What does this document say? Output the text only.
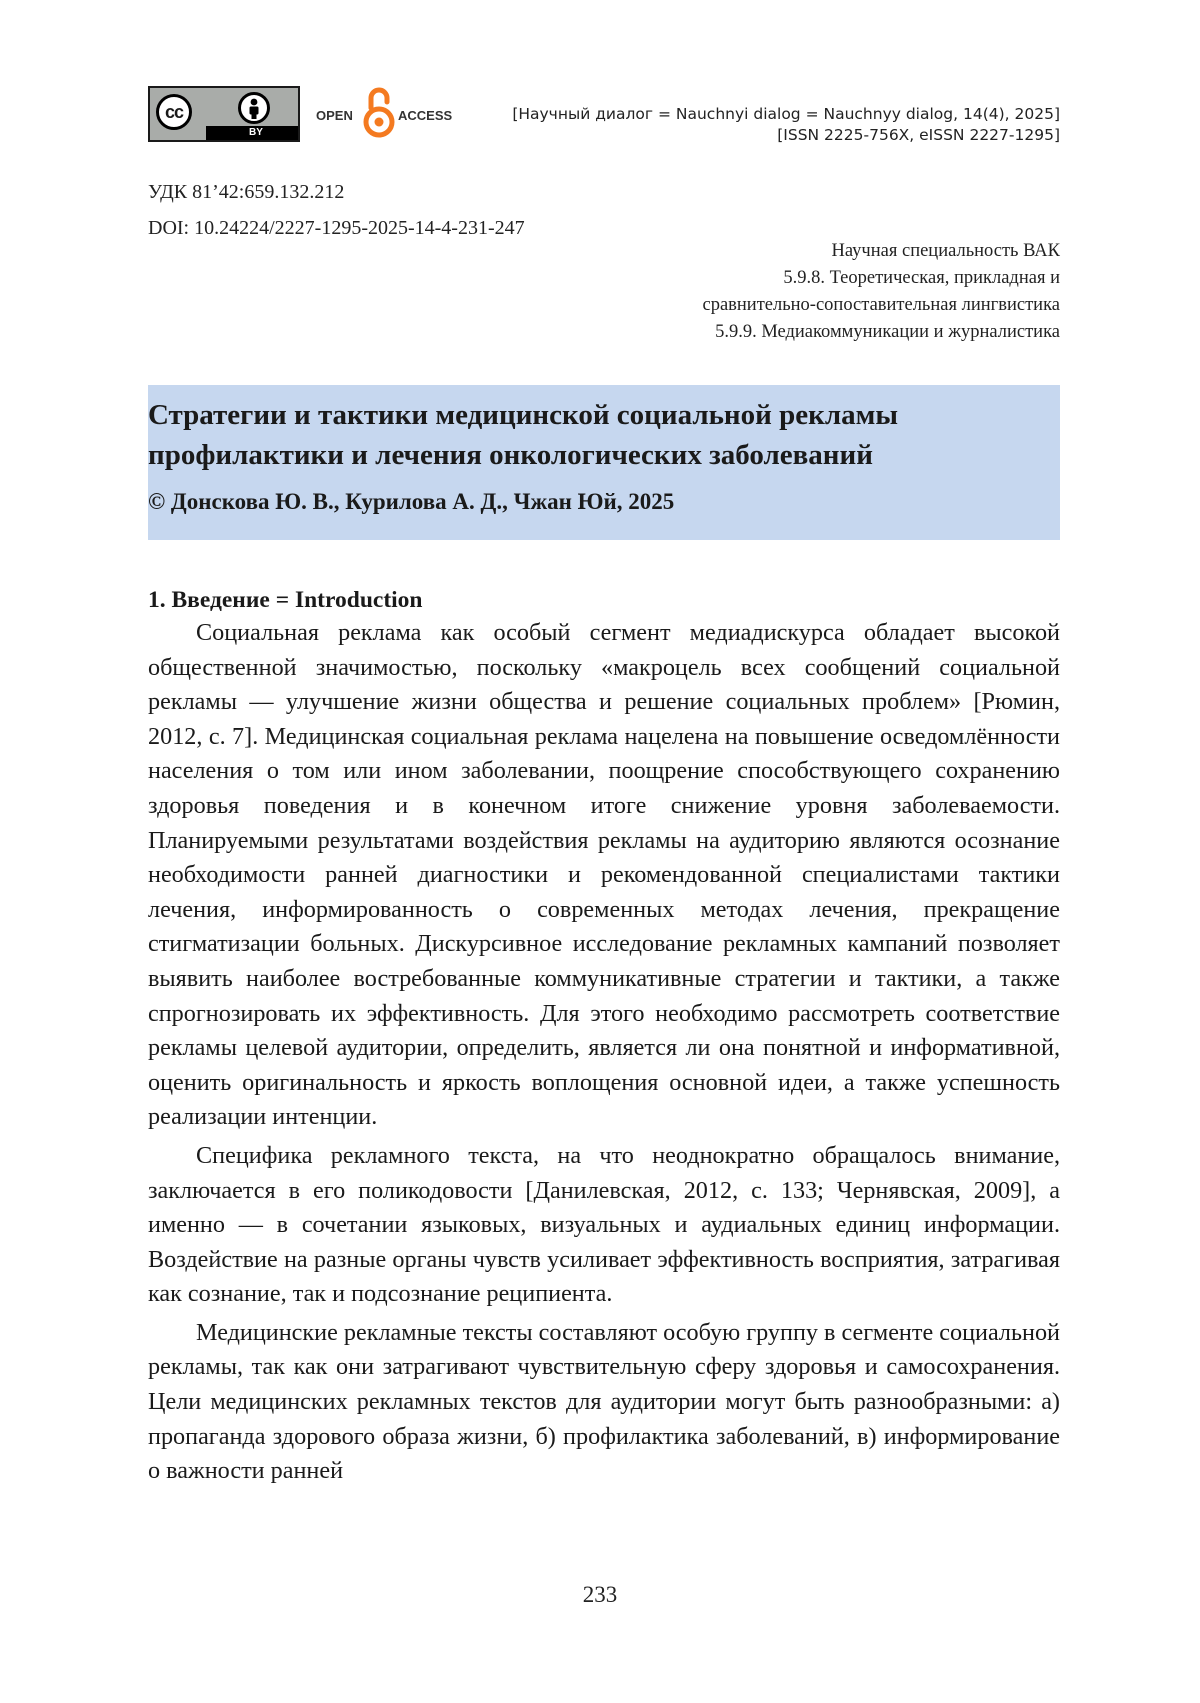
cc
BY
OPEN	ACCESS	[Научный диалог = Nauchnyi dialog = Nauchnyy dialog, 14(4), 2025]
[ISSN 2225-756X, eISSN 2227-1295]
УДК 81’42:659.132.212
DOI: 10.24224/2227-1295-2025-14-4-231-247
Научная специальность ВАК
5.9.8. Теоретическая, прикладная и
сравнительно-сопоставительная лингвистика
5.9.9. Медиакоммуникации и журналистика
Стратегии и тактики медицинской социальной рекламы
профилактики и лечения онкологических заболеваний

© Донскова Ю. В., Курилова А. Д., Чжан Юй, 2025

1. Введение = Introduction

Социальная реклама как особый сегмент медиадискурса обладает высокой общественной значимостью, поскольку «макроцель всех сообщений социальной рекламы — улучшение жизни общества и решение социальных проблем» [Рюмин, 2012, с. 7]. Медицинская социальная реклама нацелена на повышение осведомлённости населения о том или ином заболевании, поощрение способствующего сохранению здоровья поведения и в конечном итоге снижение уровня заболеваемости. Планируемыми результатами воздействия рекламы на аудиторию являются осознание необходимости ранней диагностики и рекомендованной специалистами тактики лечения, информированность о современных методах лечения, прекращение стигматизации больных. Дискурсивное исследование рекламных кампаний позволяет выявить наиболее востребованные коммуникативные стратегии и тактики, а также спрогнозировать их эффективность. Для этого необходимо рассмотреть соответствие рекламы целевой аудитории, определить, является ли она понятной и информативной, оценить оригинальность и яркость воплощения основной идеи, а также успешность реализации интенции.

Специфика рекламного текста, на что неоднократно обращалось внимание, заключается в его поликодовости [Данилевская, 2012, с. 133; Чернявская, 2009], а именно — в сочетании языковых, визуальных и аудиальных единиц информации. Воздействие на разные органы чувств усиливает эффективность восприятия, затрагивая как сознание, так и подсознание реципиента.

Медицинские рекламные тексты составляют особую группу в сегменте социальной рекламы, так как они затрагивают чувствительную сферу здоровья и самосохранения. Цели медицинских рекламных текстов для аудитории могут быть разнообразными: а) пропаганда здорового образа жизни, б) профилактика заболеваний, в) информирование о важности ранней

233
